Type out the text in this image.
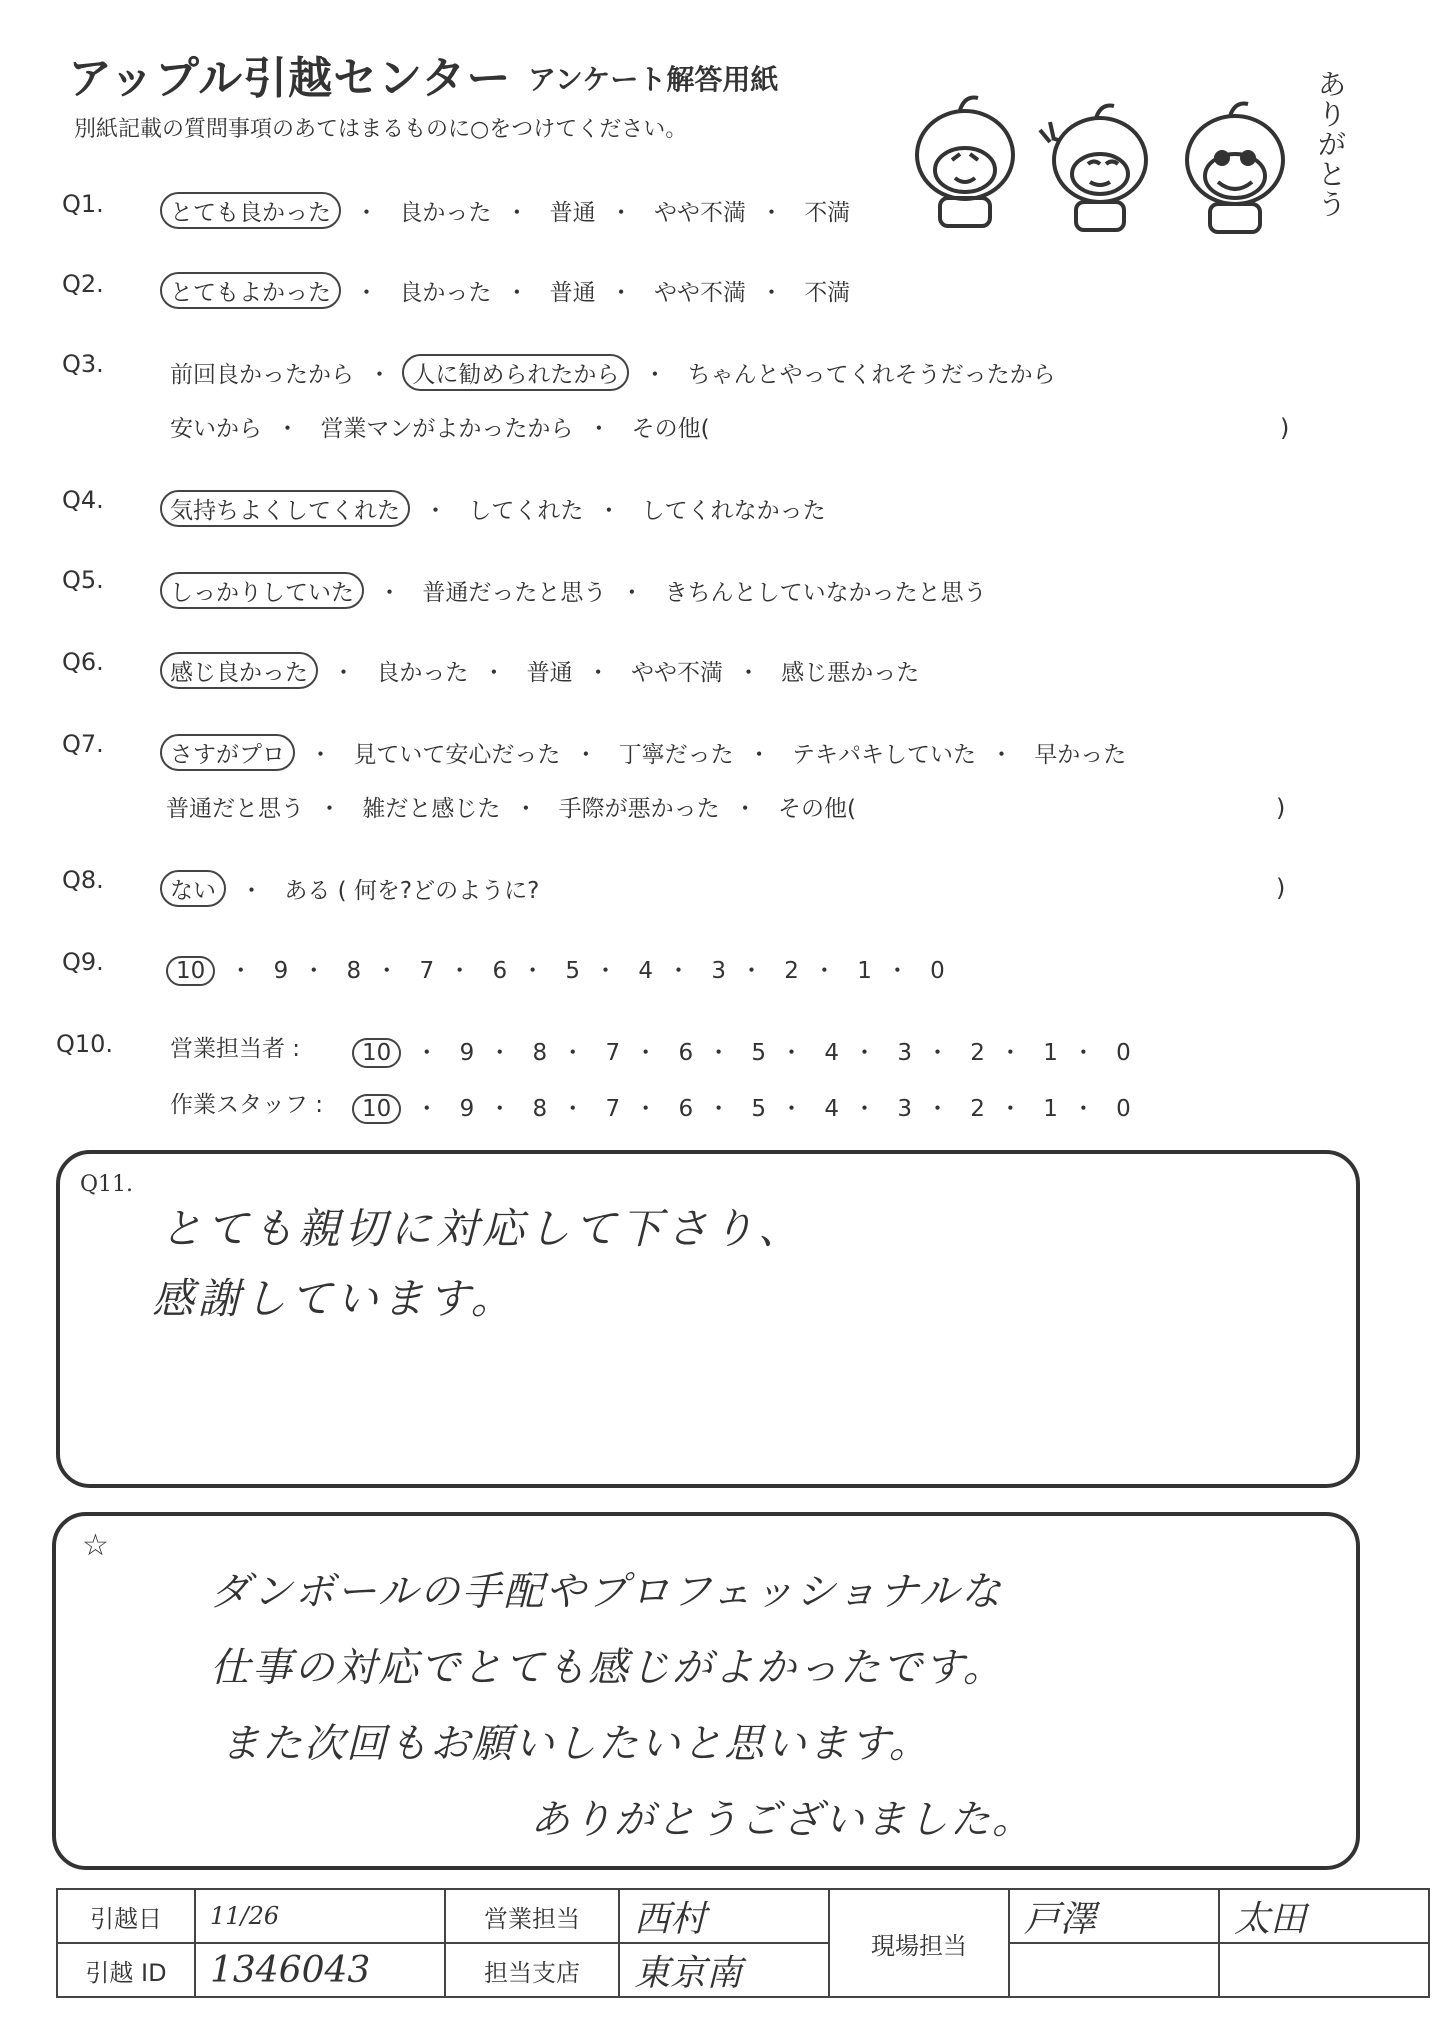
アップル引越センター アンケート解答用紙
別紙記載の質問事項のあてはまるものに○をつけてください。
ありがとう
Q1.	とても良かった ・ 良かった ・ 普通 ・ やや不満 ・ 不満
Q2.	とてもよかった ・ 良かった ・ 普通 ・ やや不満 ・ 不満
Q3.	前回良かったから ・ 人に勧められたから ・ ちゃんとやってくれそうだったから
安いから ・ 営業マンがよかったから ・ その他(	)
Q4.	気持ちよくしてくれた ・ してくれた ・ してくれなかった
Q5.	しっかりしていた ・ 普通だったと思う ・ きちんとしていなかったと思う
Q6.	感じ良かった ・ 良かった ・ 普通 ・ やや不満 ・ 感じ悪かった
Q7.	さすがプロ ・ 見ていて安心だった ・ 丁寧だった ・ テキパキしていた ・ 早かった
普通だと思う ・ 雑だと感じた ・ 手際が悪かった ・ その他(	)
Q8.	ない ・ ある ( 何を?どのように?	)
Q9.	10 ・ 9 ・ 8 ・ 7 ・ 6 ・ 5 ・ 4 ・ 3 ・ 2 ・ 1 ・ 0
Q10. 営業担当者 :	10 ・ 9 ・ 8 ・ 7 ・ 6 ・ 5 ・ 4 ・ 3 ・ 2 ・ 1 ・ 0
作業スタッフ : 10 ・ 9 ・ 8 ・ 7 ・ 6 ・ 5 ・ 4 ・ 3 ・ 2 ・ 1 ・ 0
Q11.
とても親切に対応して下さり、
感謝しています。
☆
ダンボールの手配やプロフェッショナルな
仕事の対応でとても感じがよかったです。
また次回もお願いしたいと思います。
ありがとうございました。
引越日	11/26	営業担当	西村	現場担当	戸澤	太田
引越 ID	1346043	担当支店	東京南			
